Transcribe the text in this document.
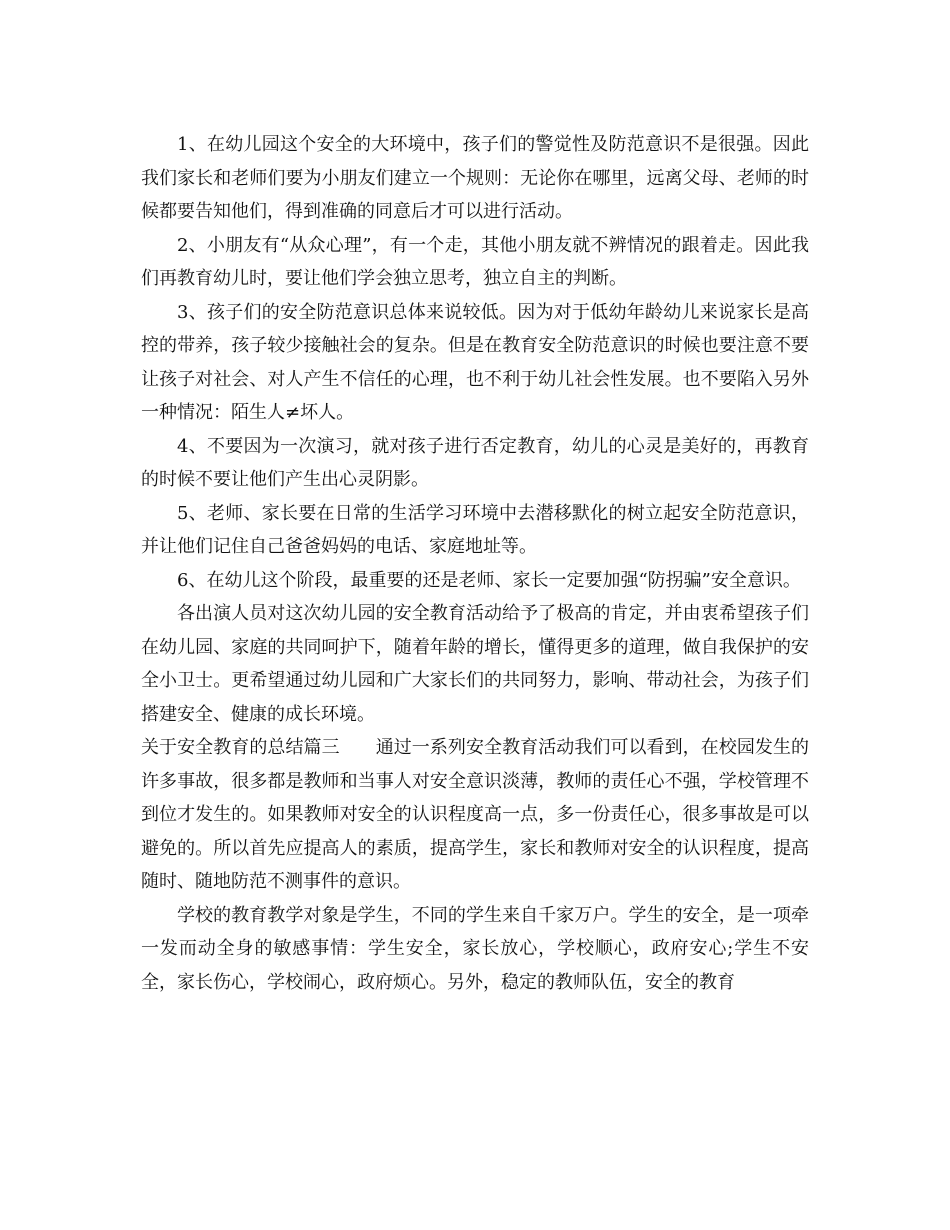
1、在幼儿园这个安全的大环境中，孩子们的警觉性及防范意识不是很强。因此我们家长和老师们要为小朋友们建立一个规则：无论你在哪里，远离父母、老师的时候都要告知他们，得到准确的同意后才可以进行活动。

2、小朋友有“从众心理”，有一个走，其他小朋友就不辨情况的跟着走。因此我们再教育幼儿时，要让他们学会独立思考，独立自主的判断。

3、孩子们的安全防范意识总体来说较低。因为对于低幼年龄幼儿来说家长是高控的带养，孩子较少接触社会的复杂。但是在教育安全防范意识的时候也要注意不要让孩子对社会、对人产生不信任的心理，也不利于幼儿社会性发展。也不要陷入另外一种情况：陌生人≠坏人。

4、不要因为一次演习，就对孩子进行否定教育，幼儿的心灵是美好的，再教育的时候不要让他们产生出心灵阴影。

5、老师、家长要在日常的生活学习环境中去潜移默化的树立起安全防范意识，并让他们记住自己爸爸妈妈的电话、家庭地址等。

6、在幼儿这个阶段，最重要的还是老师、家长一定要加强“防拐骗”安全意识。

各出演人员对这次幼儿园的安全教育活动给予了极高的肯定，并由衷希望孩子们在幼儿园、家庭的共同呵护下，随着年龄的增长，懂得更多的道理，做自我保护的安全小卫士。更希望通过幼儿园和广大家长们的共同努力，影响、带动社会，为孩子们搭建安全、健康的成长环境。

关于安全教育的总结篇三 通过一系列安全教育活动我们可以看到，在校园发生的许多事故，很多都是教师和当事人对安全意识淡薄，教师的责任心不强，学校管理不到位才发生的。如果教师对安全的认识程度高一点，多一份责任心，很多事故是可以避免的。所以首先应提高人的素质，提高学生，家长和教师对安全的认识程度，提高随时、随地防范不测事件的意识。

学校的教育教学对象是学生，不同的学生来自千家万户。学生的安全，是一项牵一发而动全身的敏感事情：学生安全，家长放心，学校顺心，政府安心;学生不安全，家长伤心，学校闹心，政府烦心。另外，稳定的教师队伍，安全的教育
